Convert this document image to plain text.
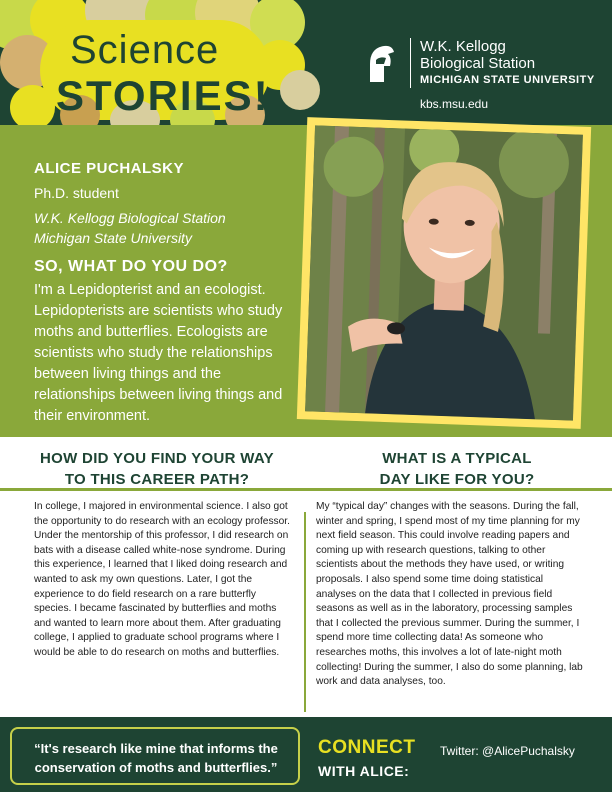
Science
STORIES!
W.K. Kellogg
Biological Station
MICHIGAN STATE UNIVERSITY
kbs.msu.edu
ALICE PUCHALSKY
Ph.D. student
W.K. Kellogg Biological Station
Michigan State University
SO, WHAT DO YOU DO?
I'm a Lepidopterist and an ecologist. Lepidopterists are scientists who study moths and butterflies. Ecologists are scientists who study the relationships between living things and the relationships between living things and their environment.
HOW DID YOU FIND YOUR WAY
TO THIS CAREER PATH?
WHAT IS A TYPICAL
DAY LIKE FOR YOU?
In college, I majored in environmental science. I also got the opportunity to do research with an ecology professor. Under the mentorship of this professor, I did research on bats with a disease called white-nose syndrome. During this experience, I learned that I liked doing research and wanted to ask my own questions. Later, I got the experience to do field research on a rare butterfly species. I became fascinated by butterflies and moths and wanted to learn more about them. After graduating college, I applied to graduate school programs where I would be able to do research on moths and butterflies.
My “typical day” changes with the seasons. During the fall, winter and spring, I spend most of my time planning for my next field season. This could involve reading papers and coming up with research questions, talking to other scientists about the methods they have used, or writing proposals. I also spend some time doing statistical analyses on the data that I collected in previous field seasons as well as in the laboratory, processing samples that I collected the previous summer. During the summer, I spend more time collecting data! As someone who researches moths, this involves a lot of late-night moth collecting! During the summer, I also do some planning, lab work and data analyses, too.
“It's research like mine that informs the conservation of moths and butterflies.”
CONNECT
WITH ALICE:
Twitter: @AlicePuchalsky
